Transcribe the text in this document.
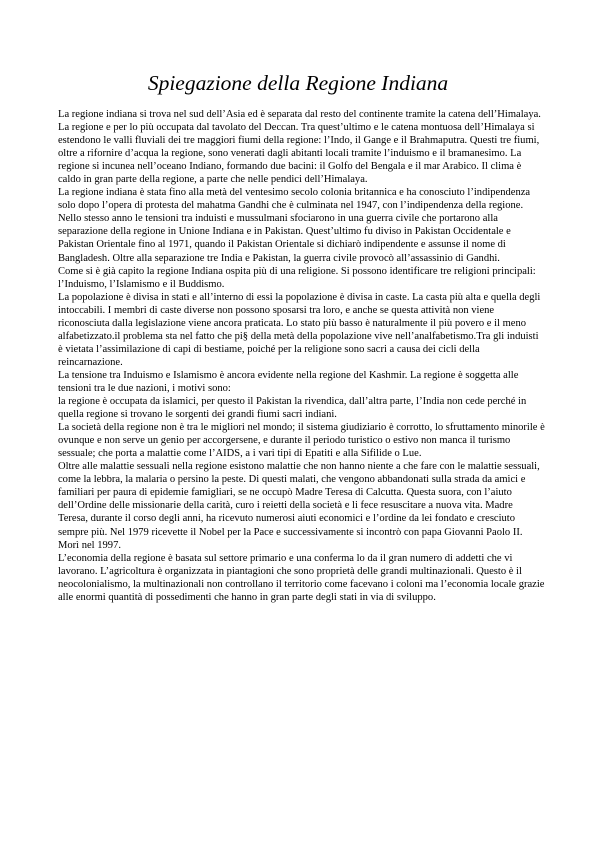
Spiegazione della Regione Indiana

La regione indiana si trova nel sud dell’Asia ed è separata dal resto del continente tramite la catena dell’Himalaya. La regione e per lo più occupata dal tavolato del Deccan. Tra quest’ultimo e le catena montuosa dell’Himalaya si estendono le valli fluviali dei tre maggiori fiumi della regione: l’Indo, il Gange e il Brahmaputra. Questi tre fiumi, oltre a rifornire d’acqua la regione, sono venerati dagli abitanti locali tramite l’induismo e il bramanesimo. La regione si incunea nell’oceano Indiano, formando due bacini: il Golfo del Bengala e il mar Arabico. Il clima è caldo in gran parte della regione, a parte che nelle pendici dell’Himalaya.

La regione indiana è stata fino alla metà del ventesimo secolo colonia britannica e ha conosciuto l’indipendenza solo dopo l’opera di protesta del mahatma Gandhi che è culminata nel 1947, con l’indipendenza della regione. Nello stesso anno le tensioni tra induisti e mussulmani sfociarono in una guerra civile che portarono alla separazione della regione in Unione Indiana e in Pakistan. Quest’ultimo fu diviso in Pakistan Occidentale e Pakistan Orientale fino al 1971, quando il Pakistan Orientale si dichiarò indipendente e assunse il nome di Bangladesh. Oltre alla separazione tre India e Pakistan, la guerra civile provocò all’assassinio di Gandhi.

Come si è già capito la regione Indiana ospita più di una religione. Si possono identificare tre religioni principali: l’Induismo, l’Islamismo e il Buddismo.

La popolazione è divisa in stati e all’interno di essi la popolazione è divisa in caste. La casta più alta e quella degli intoccabili. I membri di caste diverse non possono sposarsi tra loro, e anche se questa attività non viene riconosciuta dalla legislazione viene ancora praticata. Lo stato più basso è naturalmente il più povero e il meno alfabetizzato.il problema sta nel fatto che pi§ della metà della popolazione vive nell’analfabetismo.Tra gli induisti è vietata l’assimilazione di capi di bestiame, poiché per la religione sono sacri a causa dei cicli della reincarnazione.

La tensione tra Induismo e Islamismo è ancora evidente nella regione del Kashmir. La regione è soggetta alle tensioni tra le due nazioni, i motivi sono:

la regione è occupata da islamici, per questo il Pakistan la rivendica, dall’altra parte, l’India non cede perché in quella regione si trovano le sorgenti dei grandi fiumi sacri indiani.

La società della regione non è tra le migliori nel mondo; il sistema giudiziario è corrotto, lo sfruttamento minorile è ovunque e non serve un genio per accorgersene, e durante il periodo turistico o estivo non manca il turismo sessuale; che porta a malattie come l’AIDS, a i vari tipi di Epatiti e alla Sifilide o Lue.

Oltre alle malattie sessuali nella regione esistono malattie che non hanno niente a che fare con le malattie sessuali, come la lebbra, la malaria o persino la peste. Di questi malati, che vengono abbandonati sulla strada da amici e familiari per paura di epidemie famigliari, se ne occupò Madre Teresa di Calcutta. Questa suora, con l’aiuto dell’Ordine delle missionarie della carità, curo i reietti della società e li fece resuscitare a nuova vita. Madre Teresa, durante il corso degli anni, ha ricevuto numerosi aiuti economici e l’ordine da lei fondato e cresciuto sempre più. Nel 1979 ricevette il Nobel per la Pace e successivamente si incontrò con papa Giovanni Paolo II. Morì nel 1997.

L’economia della regione è basata sul settore primario e una conferma lo da il gran numero di addetti che vi lavorano. L’agricoltura è organizzata in piantagioni che sono proprietà delle grandi multinazionali. Questo è il neocolonialismo, la multinazionali non controllano il territorio come facevano i coloni ma l’economia locale grazie alle enormi quantità di possedimenti che hanno in gran parte degli stati in via di sviluppo.
